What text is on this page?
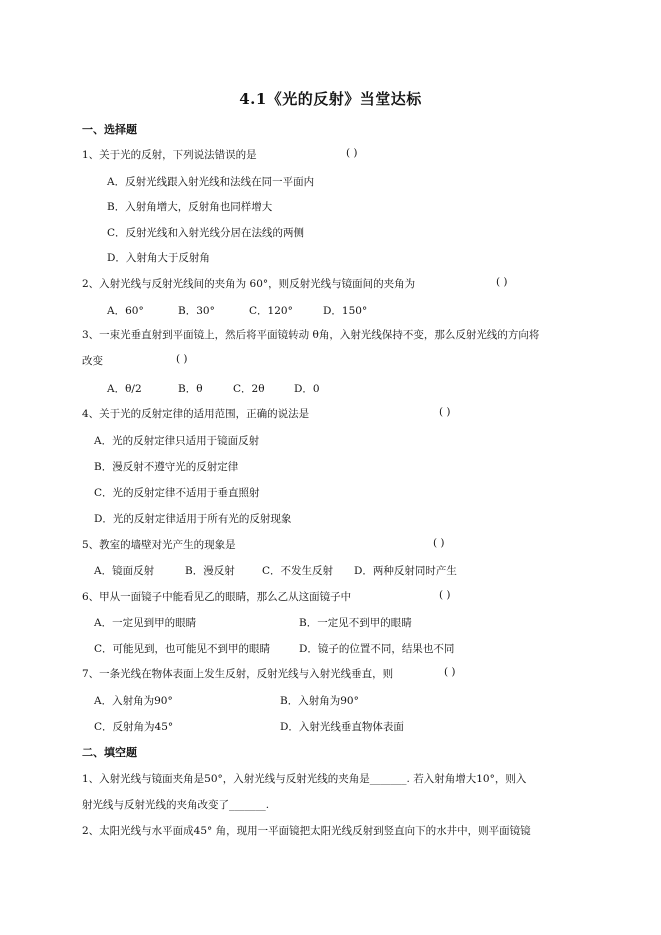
4.1《光的反射》当堂达标
一、选择题
1、关于光的反射，下列说法错误的是	( )
A．反射光线跟入射光线和法线在同一平面内
B．入射角增大，反射角也同样增大
C．反射光线和入射光线分居在法线的两侧
D．入射角大于反射角
2、入射光线与反射光线间的夹角为 60°，则反射光线与镜面间的夹角为	( )
A．60°	B．30°	C．120°	D．150°
3、一束光垂直射到平面镜上，然后将平面镜转动 θ角，入射光线保持不变，那么反射光线的方向将
改变	( )
A．θ/2	B．θ	C．2θ	D．0
4、关于光的反射定律的适用范围，正确的说法是	( )
A．光的反射定律只适用于镜面反射
B．漫反射不遵守光的反射定律
C．光的反射定律不适用于垂直照射
D．光的反射定律适用于所有光的反射现象
5、教室的墙壁对光产生的现象是	( )
A．镜面反射	B．漫反射	C．不发生反射 D．两种反射同时产生
6、甲从一面镜子中能看见乙的眼睛，那么乙从这面镜子中	( )
A．一定见到甲的眼睛	B．一定见不到甲的眼睛
C．可能见到，也可能见不到甲的眼睛	D．镜子的位置不同，结果也不同
7、一条光线在物体表面上发生反射，反射光线与入射光线垂直，则	( )
A．入射角为90°	B．入射角为90°
C．反射角为45°	D．入射光线垂直物体表面
二、填空题
1、入射光线与镜面夹角是50°，入射光线与反射光线的夹角是_______. 若入射角增大10°，则入
射光线与反射光线的夹角改变了_______.
2、太阳光线与水平面成45° 角，现用一平面镜把太阳光线反射到竖直向下的水井中，则平面镜镜
